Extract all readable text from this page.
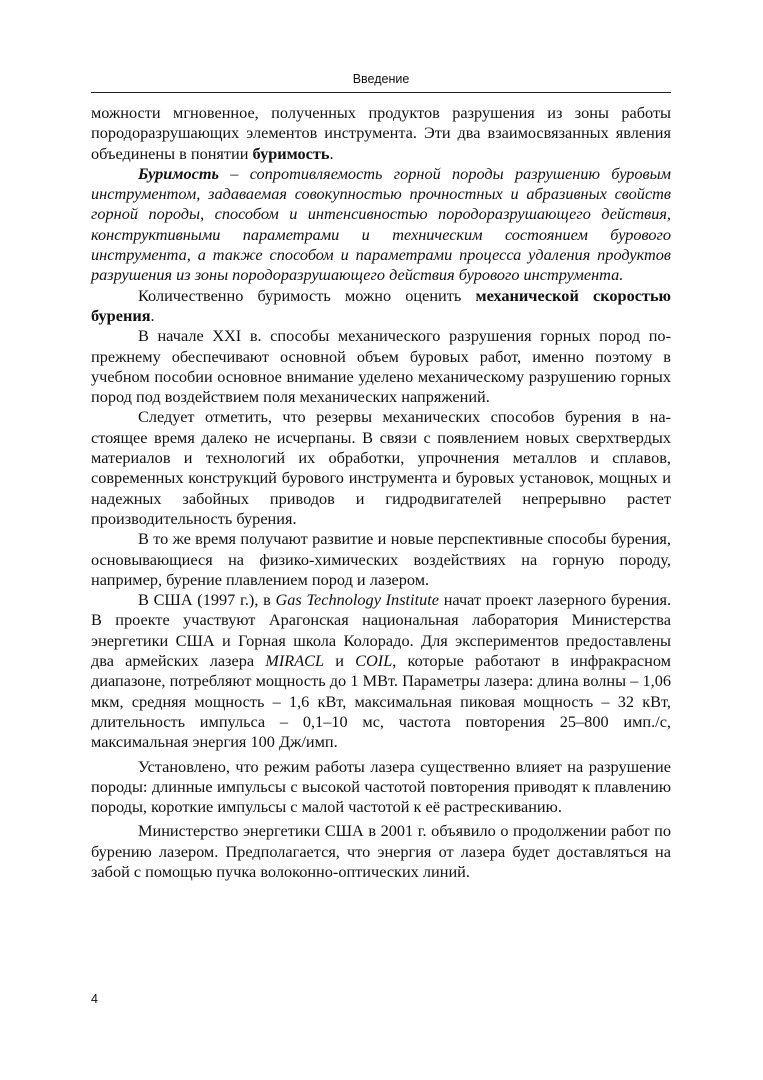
Введение

можности мгновенное, полученных продуктов разрушения из зоны работы породоразрушающих элементов инструмента. Эти два взаимосвязанных явления объединены в понятии буримость.

Буримость – сопротивляемость горной породы разрушению буровым инструментом, задаваемая совокупностью прочностных и абразивных свойств горной породы, способом и интенсивностью породоразрушающего действия, конструктивными параметрами и техническим состоянием бурового инструмента, а также способом и параметрами процесса удаления продуктов разрушения из зоны породоразрушающего действия бурового инструмента.

Количественно буримость можно оценить механической скоростью бурения.

В начале XXI в. способы механического разрушения горных пород по-прежнему обеспечивают основной объем буровых работ, именно поэтому в учебном пособии основное внимание уделено механическому разрушению горных пород под воздействием поля механических напряжений.

Следует отметить, что резервы механических способов бурения в настоящее время далеко не исчерпаны. В связи с появлением новых сверхтвердых материалов и технологий их обработки, упрочнения металлов и сплавов, современных конструкций бурового инструмента и буровых установок, мощных и надежных забойных приводов и гидродвигателей непрерывно растет производительность бурения.

В то же время получают развитие и новые перспективные способы бурения, основывающиеся на физико-химических воздействиях на горную породу, например, бурение плавлением пород и лазером.

В США (1997 г.), в Gas Technology Institute начат проект лазерного бурения. В проекте участвуют Арагонская национальная лаборатория Министерства энергетики США и Горная школа Колорадо. Для экспериментов предоставлены два армейских лазера MIRACL и COIL, которые работают в инфракрасном диапазоне, потребляют мощность до 1 МВт. Параметры лазера: длина волны – 1,06 мкм, средняя мощность – 1,6 кВт, максимальная пиковая мощность – 32 кВт, длительность импульса – 0,1–10 мс, частота повторения 25–800 имп./с, максимальная энергия 100 Дж/имп.

Установлено, что режим работы лазера существенно влияет на разрушение породы: длинные импульсы с высокой частотой повторения приводят к плавлению породы, короткие импульсы с малой частотой к её растрескиванию.

Министерство энергетики США в 2001 г. объявило о продолжении работ по бурению лазером. Предполагается, что энергия от лазера будет доставляться на забой с помощью пучка волоконно-оптических линий.

4
